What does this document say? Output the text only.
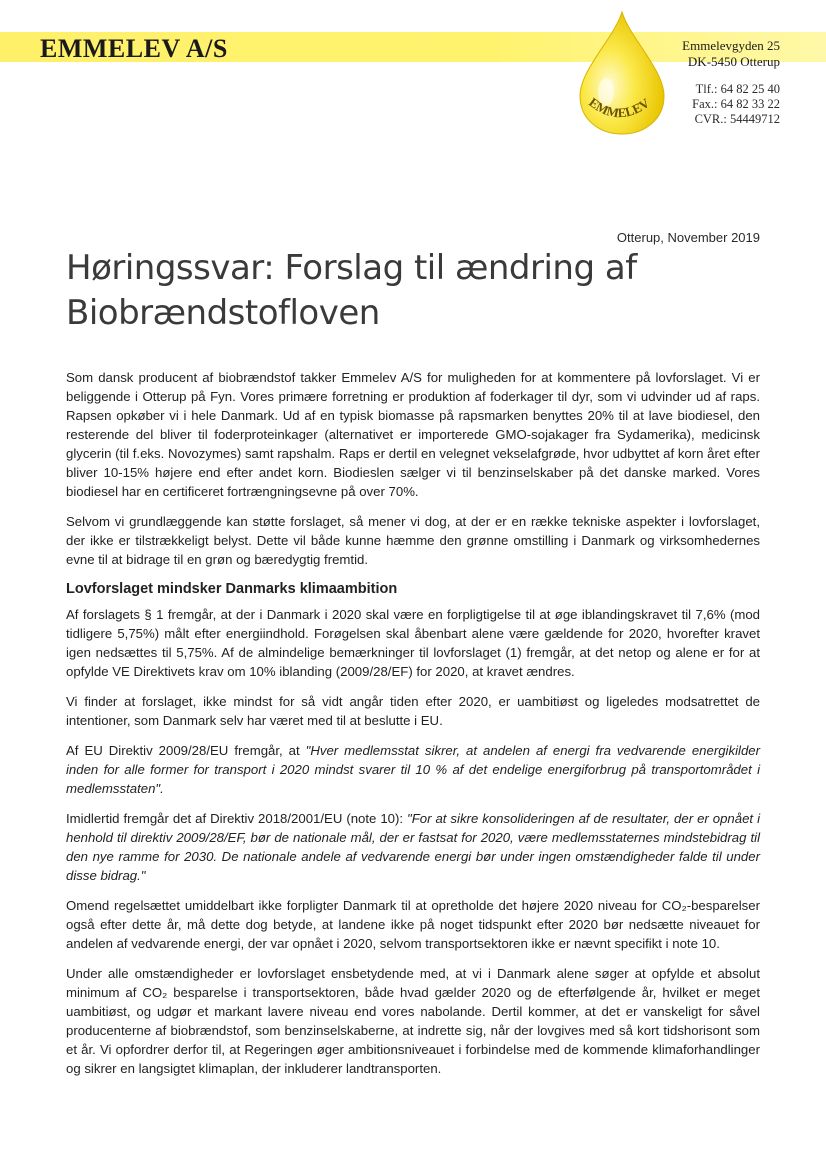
EMMELEV A/S
EMMELEV
Emmelevgyden 25
DK-5450 Otterup
Tlf.: 64 82 25 40
Fax.: 64 82 33 22
CVR.: 54449712
Otterup, November 2019
Høringssvar: Forslag til ændring af Biobrændstofloven

Som dansk producent af biobrændstof takker Emmelev A/S for muligheden for at kommentere på lovforslaget. Vi er beliggende i Otterup på Fyn. Vores primære forretning er produktion af foderkager til dyr, som vi udvinder ud af raps. Rapsen opkøber vi i hele Danmark. Ud af en typisk biomasse på rapsmarken benyttes 20% til at lave biodiesel, den resterende del bliver til foderproteinkager (alternativet er importerede GMO-sojakager fra Sydamerika), medicinsk glycerin (til f.eks. Novozymes) samt rapshalm. Raps er dertil en velegnet vekselafgrøde, hvor udbyttet af korn året efter bliver 10-15% højere end efter andet korn. Biodieslen sælger vi til benzinselskaber på det danske marked. Vores biodiesel har en certificeret fortrængningsevne på over 70%.

Selvom vi grundlæggende kan støtte forslaget, så mener vi dog, at der er en række tekniske aspekter i lovforslaget, der ikke er tilstrækkeligt belyst. Dette vil både kunne hæmme den grønne omstilling i Danmark og virksomhedernes evne til at bidrage til en grøn og bæredygtig fremtid.

Lovforslaget mindsker Danmarks klimaambition

Af forslagets § 1 fremgår, at der i Danmark i 2020 skal være en forpligtigelse til at øge iblandingskravet til 7,6% (mod tidligere 5,75%) målt efter energiindhold. Forøgelsen skal åbenbart alene være gældende for 2020, hvorefter kravet igen nedsættes til 5,75%. Af de almindelige bemærkninger til lovforslaget (1) fremgår, at det netop og alene er for at opfylde VE Direktivets krav om 10% iblanding (2009/28/EF) for 2020, at kravet ændres.

Vi finder at forslaget, ikke mindst for så vidt angår tiden efter 2020, er uambitiøst og ligeledes modsatrettet de intentioner, som Danmark selv har været med til at beslutte i EU.

Af EU Direktiv 2009/28/EU fremgår, at "Hver medlemsstat sikrer, at andelen af energi fra vedvarende energikilder inden for alle former for transport i 2020 mindst svarer til 10 % af det endelige energiforbrug på transportområdet i medlemsstaten".

Imidlertid fremgår det af Direktiv 2018/2001/EU (note 10): "For at sikre konsolideringen af de resultater, der er opnået i henhold til direktiv 2009/28/EF, bør de nationale mål, der er fastsat for 2020, være medlemsstaternes mindstebidrag til den nye ramme for 2030. De nationale andele af vedvarende energi bør under ingen omstændigheder falde til under disse bidrag."

Omend regelsættet umiddelbart ikke forpligter Danmark til at opretholde det højere 2020 niveau for CO₂-besparelser også efter dette år, må dette dog betyde, at landene ikke på noget tidspunkt efter 2020 bør nedsætte niveauet for andelen af vedvarende energi, der var opnået i 2020, selvom transportsektoren ikke er nævnt specifikt i note 10.

Under alle omstændigheder er lovforslaget ensbetydende med, at vi i Danmark alene søger at opfylde et absolut minimum af CO₂ besparelse i transportsektoren, både hvad gælder 2020 og de efterfølgende år, hvilket er meget uambitiøst, og udgør et markant lavere niveau end vores nabolande. Dertil kommer, at det er vanskeligt for såvel producenterne af biobrændstof, som benzinselskaberne, at indrette sig, når der lovgives med så kort tidshorisont som et år. Vi opfordrer derfor til, at Regeringen øger ambitionsniveauet i forbindelse med de kommende klimaforhandlinger og sikrer en langsigtet klimaplan, der inkluderer landtransporten.
